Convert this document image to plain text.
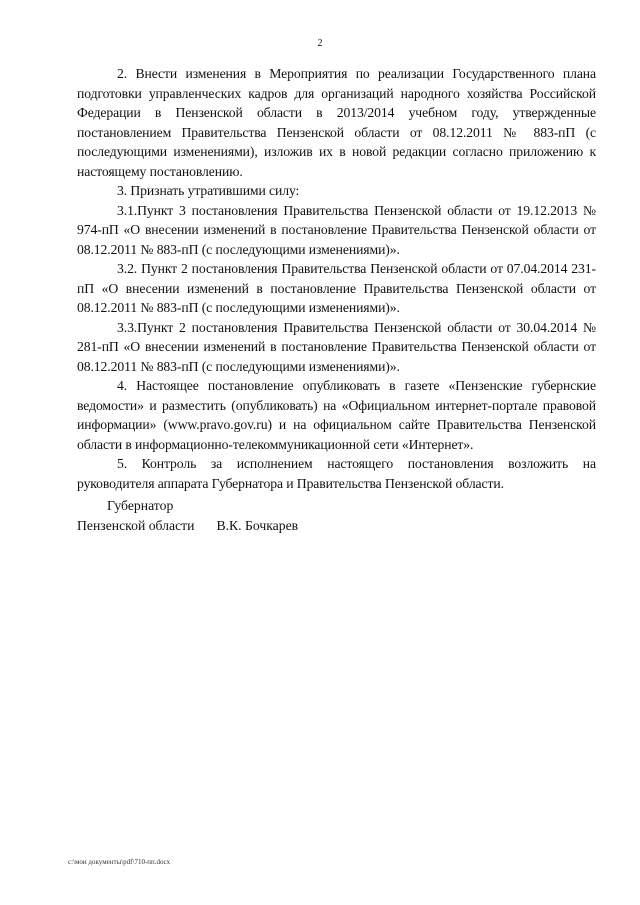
2

2. Внести изменения в Мероприятия по реализации Государственного плана подготовки управленческих кадров для организаций народного хозяйства Российской Федерации в Пензенской области в 2013/2014 учебном году, утвержденные постановлением Правительства Пензенской области от 08.12.2011 № 883-пП (с последующими изменениями), изложив их в новой редакции согласно приложению к настоящему постановлению.

3. Признать утратившими силу:

3.1.Пункт 3 постановления Правительства Пензенской области от 19.12.2013 № 974-пП «О внесении изменений в постановление Правительства Пензенской области от 08.12.2011 № 883-пП (с последующими изменениями)».

3.2. Пункт 2 постановления Правительства Пензенской области от 07.04.2014 231-пП «О внесении изменений в постановление Правительства Пензенской области от 08.12.2011 № 883-пП (с последующими изменениями)».

3.3.Пункт 2 постановления Правительства Пензенской области от 30.04.2014 № 281-пП «О внесении изменений в постановление Правительства Пензенской области от 08.12.2011 № 883-пП (с последующими изменениями)».

4. Настоящее постановление опубликовать в газете «Пензенские губернские ведомости» и разместить (опубликовать) на «Официальном интернет-портале правовой информации» (www.pravo.gov.ru) и на официальном сайте Правительства Пензенской области в информационно-телекоммуникационной сети «Интернет».

5. Контроль за исполнением настоящего постановления возложить на руководителя аппарата Губернатора и Правительства Пензенской области.

Губернатор
Пензенской области В.К. Бочкарев
c:\мои документы\pdf\710-пп.docx
